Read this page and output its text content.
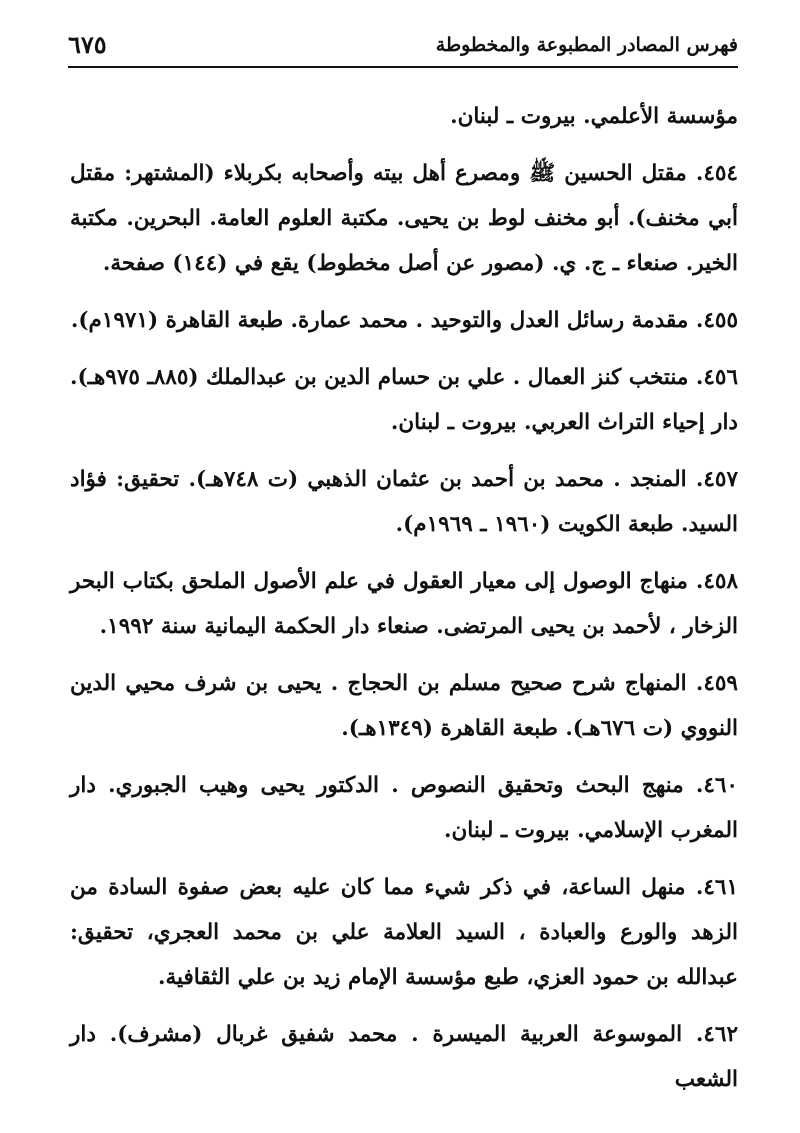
فهرس المصادر المطبوعة والمخطوطة
٦٧٥

مؤسسة الأعلمي. بيروت ـ لبنان.

٤٥٤. مقتل الحسين ﷺ ومصرع أهل بيته وأصحابه بكربلاء (المشتهر: مقتل أبي مخنف). أبو مخنف لوط بن يحيى. مكتبة العلوم العامة. البحرين. مكتبة الخير. صنعاء ـ ج. ي. (مصور عن أصل مخطوط) يقع في (١٤٤) صفحة.

٤٥٥. مقدمة رسائل العدل والتوحيد . محمد عمارة. طبعة القاهرة (١٩٧١م).

٤٥٦. منتخب كنز العمال . علي بن حسام الدين بن عبدالملك (٨٨٥ـ ٩٧٥هـ). دار إحياء التراث العربي. بيروت ـ لبنان.

٤٥٧. المنجد . محمد بن أحمد بن عثمان الذهبي (ت ٧٤٨هـ). تحقيق: فؤاد السيد. طبعة الكويت (١٩٦٠ ـ ١٩٦٩م).

٤٥٨. منهاج الوصول إلى معيار العقول في علم الأصول الملحق بكتاب البحر الزخار ، لأحمد بن يحيى المرتضى. صنعاء دار الحكمة اليمانية سنة ١٩٩٢.

٤٥٩. المنهاج شرح صحيح مسلم بن الحجاج . يحيى بن شرف محيي الدين النووي (ت ٦٧٦هـ). طبعة القاهرة (١٣٤٩هـ).

٤٦٠. منهج البحث وتحقيق النصوص . الدكتور يحيى وهيب الجبوري. دار المغرب الإسلامي. بيروت ـ لبنان.

٤٦١. منهل الساعة، في ذكر شيء مما كان عليه بعض صفوة السادة من الزهد والورع والعبادة ، السيد العلامة علي بن محمد العجري، تحقيق: عبدالله بن حمود العزي، طبع مؤسسة الإمام زيد بن علي الثقافية.

٤٦٢. الموسوعة العربية الميسرة . محمد شفيق غربال (مشرف). دار الشعب
